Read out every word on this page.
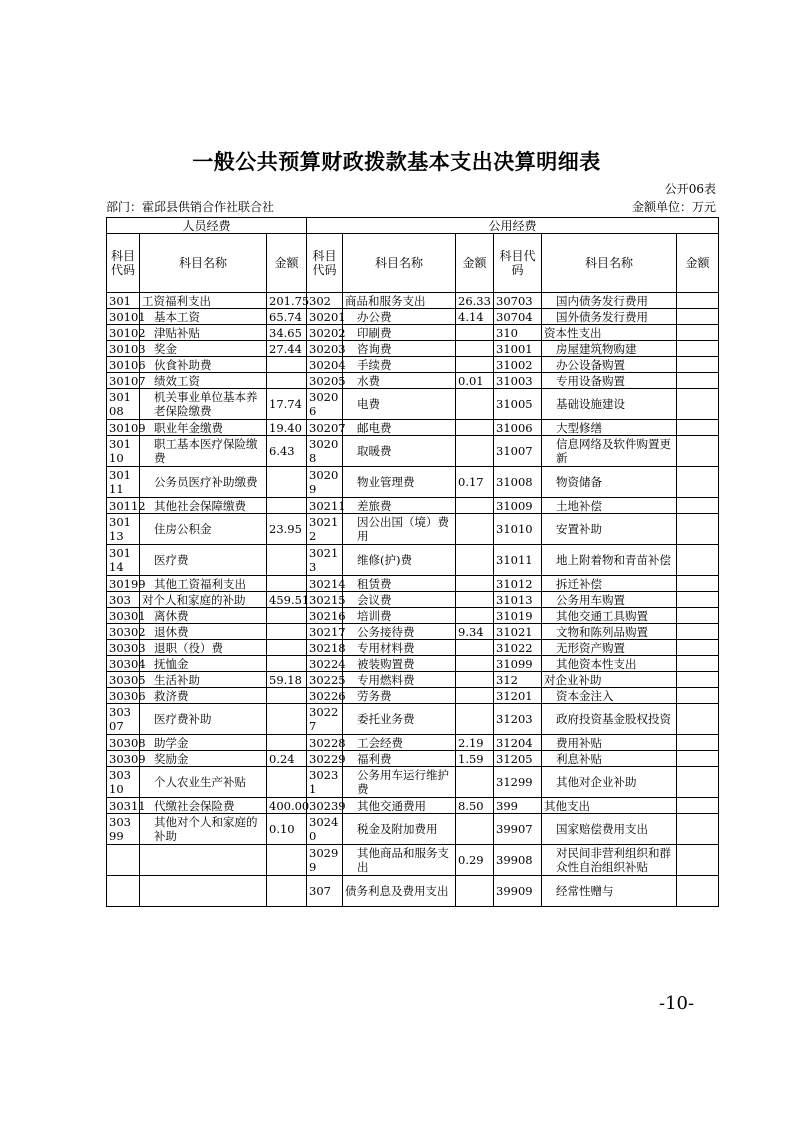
一般公共预算财政拨款基本支出决算明细表
公开06表
部门：霍邱县供销合作社联合社	金额单位：万元
人员经费			公用经费					
科目代码	科目名称	金额	科目代码	科目名称	金额	科目代码	科目名称	金额
301	工资福利支出	201.75	302	商品和服务支出	26.33	30703	国内债务发行费用	
30101	基本工资	65.74	30201	办公费	4.14	30704	国外债务发行费用	
30102	津贴补贴	34.65	30202	印刷费		310	资本性支出	
30103	奖金	27.44	30203	咨询费		31001	房屋建筑物购建	
30106	伙食补助费		30204	手续费		31002	办公设备购置	
30107	绩效工资		30205	水费	0.01	31003	专用设备购置	
30108	机关事业单位基本养老保险缴费	17.74	30206	电费		31005	基础设施建设	
30109	职业年金缴费	19.40	30207	邮电费		31006	大型修缮	
30110	职工基本医疗保险缴费	6.43	30208	取暖费		31007	信息网络及软件购置更新	
30111	公务员医疗补助缴费		30209	物业管理费	0.17	31008	物资储备	
30112	其他社会保障缴费		30211	差旅费		31009	土地补偿	
30113	住房公积金	23.95	30212	因公出国（境）费用		31010	安置补助	
30114	医疗费		30213	维修(护)费		31011	地上附着物和青苗补偿	
30199	其他工资福利支出		30214	租赁费		31012	拆迁补偿	
303	对个人和家庭的补助	459.51	30215	会议费		31013	公务用车购置	
30301	离休费		30216	培训费		31019	其他交通工具购置	
30302	退休费		30217	公务接待费	9.34	31021	文物和陈列品购置	
30303	退职（役）费		30218	专用材料费		31022	无形资产购置	
30304	抚恤金		30224	被装购置费		31099	其他资本性支出	
30305	生活补助	59.18	30225	专用燃料费		312	对企业补助	
30306	救济费		30226	劳务费		31201	资本金注入	
30307	医疗费补助		30227	委托业务费		31203	政府投资基金股权投资	
30308	助学金		30228	工会经费	2.19	31204	费用补贴	
30309	奖励金	0.24	30229	福利费	1.59	31205	利息补贴	
30310	个人农业生产补贴		30231	公务用车运行维护费		31299	其他对企业补助	
30311	代缴社会保险费	400.00	30239	其他交通费用	8.50	399	其他支出	
30399	其他对个人和家庭的补助	0.10	30240	税金及附加费用		39907	国家赔偿费用支出	
			30299	其他商品和服务支出	0.29	39908	对民间非营利组织和群众性自治组织补贴	
			307	债务利息及费用支出		39909	经常性赠与	
-10-
